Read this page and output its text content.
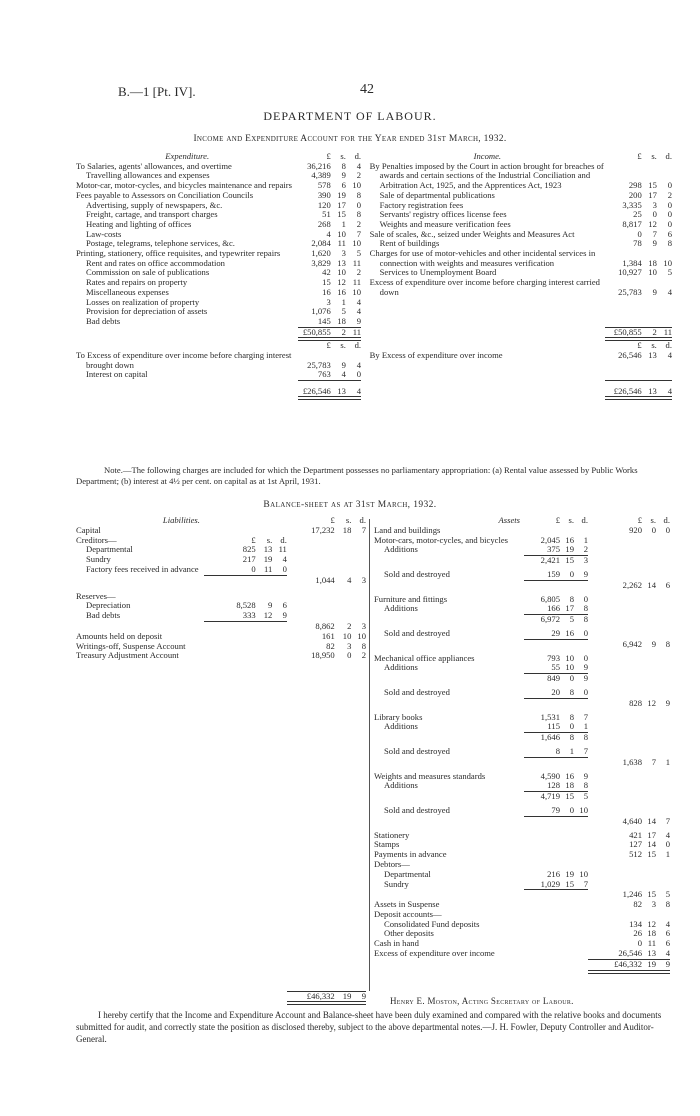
B.—1 [Pt. IV].	42
DEPARTMENT OF LABOUR.
Income and Expenditure Account for the Year ended 31st March, 1932.
Expenditure.	£	s.	d.		Income.	£	s.	d.

To Salaries, agents' allowances, and overtime	36,216	8	4
Travelling allowances and expenses	4,389	9	2
Motor-car, motor-cycles, and bicycles maintenance and repairs	578	6	10
Fees payable to Assessors on Conciliation Councils	390	19	8
Advertising, supply of newspapers, &c.	120	17	0
Freight, cartage, and transport charges	51	15	8
Heating and lighting of offices	268	1	2
Law-costs	4	10	7
Postage, telegrams, telephone services, &c.	2,084	11	10
Printing, stationery, office requisites, and typewriter repairs	1,620	3	5
Rent and rates on office accommodation	3,829	13	11
Commission on sale of publications	42	10	2
Rates and repairs on property	15	12	11
Miscellaneous expenses	16	16	10
Losses on realization of property	3	1	4
Provision for depreciation of assets	1,076	5	4
Bad debts	145	18	9

By Penalties imposed by the Court in action brought for breaches of awards and certain sections of the Industrial Conciliation and Arbitration Act, 1925, and the Apprentices Act, 1923	298	15	0
Sale of departmental publications	200	17	2
Factory registration fees	3,335	3	0
Servants' registry offices license fees	25	0	0
Weights and measure verification fees	8,817	12	0
Sale of scales, &c., seized under Weights and Measures Act	0	7	6
Rent of buildings	78	9	8
Charges for use of motor-vehicles and other incidental services in connection with weights and measures verification	1,384	18	10
Services to Unemployment Board	10,927	10	5
Excess of expenditure over income before charging interest carried down	25,783	9	4

	£50,855	2	11			£50,855	2	11

	£	s.	d.			£	s.	d.
To Excess of expenditure over income before charging interest brought down	25,783	9	4		By Excess of expenditure over income	26,546	13	4
Interest on capital	763	4	0					

	£26,546	13	4			£26,546	13	4

Note.—The following charges are included for which the Department possesses no parliamentary appropriation: (a) Rental value assessed by Public Works Department; (b) interest at 4½ per cent. on capital as at 1st April, 1931.
Balance-sheet as at 31st March, 1932.
Liabilities.				£	s.	d.
Capital				17,232	18	7
Creditors—	£	s.	d.			
Departmental	825	13	11			
Sundry	217	19	4			
Factory fees received in advance	0	11	0			

				1,044	4	3

Reserves—						
Depreciation	8,528	9	6			
Bad debts	333	12	9			

				8,862	2	3
Amounts held on deposit				161	10	10
Writings-off, Suspense Account				82	3	8
Treasury Adjustment Account				18,950	0	2

				£46,332	19	9

Assets	£	s.	d.	£	s.	d.
Land and buildings				920	0	0
Motor-cars, motor-cycles, and bicycles	2,045	16	1			
Additions	375	19	2			

	2,421	15	3			

Sold and destroyed	159	0	9			

				2,262	14	6

Furniture and fittings	6,805	8	0			
Additions	166	17	8			

	6,972	5	8			

Sold and destroyed	29	16	0			

				6,942	9	8

Mechanical office appliances	793	10	0			
Additions	55	10	9			

	849	0	9			

Sold and destroyed	20	8	0			

				828	12	9

Library books	1,531	8	7			
Additions	115	0	1			

	1,646	8	8			

Sold and destroyed	8	1	7			

				1,638	7	1

Weights and measures standards	4,590	16	9			
Additions	128	18	8			

	4,719	15	5			

Sold and destroyed	79	0	10			

				4,640	14	7

Stationery				421	17	4
Stamps				127	14	0
Payments in advance				512	15	1
Debtors—						
Departmental	216	19	10			
Sundry	1,029	15	7			

				1,246	15	5
Assets in Suspense				82	3	8
Deposit accounts—						
Consolidated Fund deposits				134	12	4
Other deposits				26	18	6
Cash in hand				0	11	6
Excess of expenditure over income				26,546	13	4

				£46,332	19	9

Henry E. Moston, Acting Secretary of Labour.
I hereby certify that the Income and Expenditure Account and Balance-sheet have been duly examined and compared with the relative books and documents submitted for audit, and correctly state the position as disclosed thereby, subject to the above departmental notes.—J. H. Fowler, Deputy Controller and Auditor-General.
